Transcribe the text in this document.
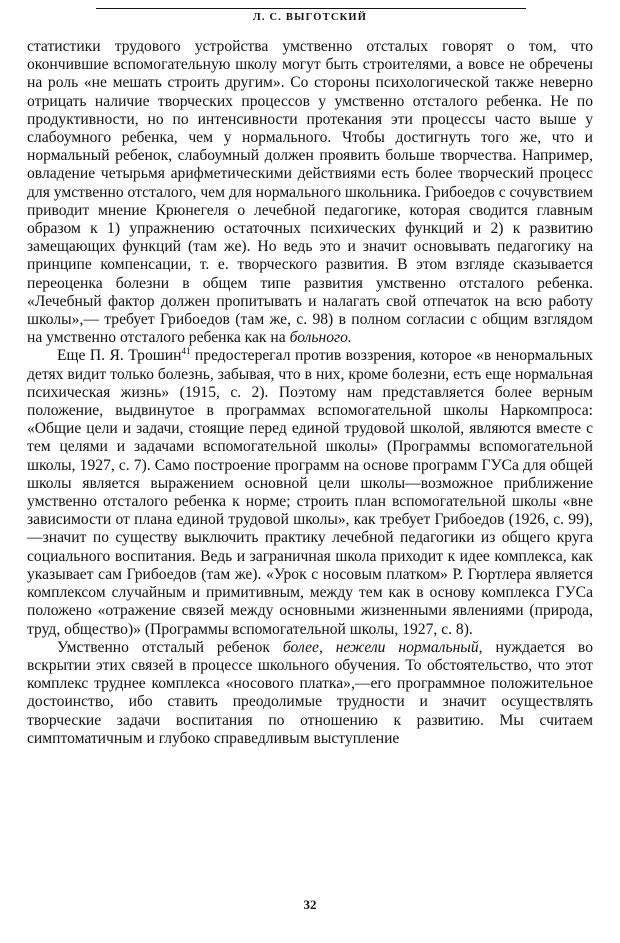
Л. С. ВЫГОТСКИЙ

статистики трудового устройства умственно отсталых говорят о том, что окончившие вспомогательную школу могут быть строителями, а вовсе не обречены на роль «не мешать строить другим». Со стороны психологической также неверно отрицать наличие творческих процессов у умственно отсталого ребенка. Не по продуктивности, но по интенсивности протекания эти процессы часто выше у слабоумного ребенка, чем у нормального. Чтобы достигнуть того же, что и нормальный ребенок, слабоумный должен проявить больше творчества. Например, овладение четырьмя арифметическими действиями есть более творческий процесс для умственно отсталого, чем для нормального школьника. Грибоедов с сочувствием приводит мнение Крюнегеля о лечебной педагогике, которая сводится главным образом к 1) упражнению остаточных психических функций и 2) к развитию замещающих функций (там же). Но ведь это и значит основывать педагогику на принципе компенсации, т. е. творческого развития. В этом взгляде сказывается переоценка болезни в общем типе развития умственно отсталого ребенка. «Лечебный фактор должен пропитывать и налагать свой отпечаток на всю работу школы»,— требует Грибоедов (там же, с. 98) в полном согласии с общим взглядом на умственно отсталого ребенка как на больного.

Еще П. Я. Трошин$^{41}$ предостерегал против воззрения, которое «в ненормальных детях видит только болезнь, забывая, что в них, кроме болезни, есть еще нормальная психическая жизнь» (1915, с. 2). Поэтому нам представляется более верным положение, выдвинутое в программах вспомогательной школы Наркомпроса: «Общие цели и задачи, стоящие перед единой трудовой школой, являются вместе с тем целями и задачами вспомогательной школы» (Программы вспомогательной школы, 1927, с. 7). Само построение программ на основе программ ГУСа для общей школы является выражением основной цели школы—возможное приближение умственно отсталого ребенка к норме; строить план вспомогательной школы «вне зависимости от плана единой трудовой школы», как требует Грибоедов (1926, с. 99),—значит по существу выключить практику лечебной педагогики из общего круга социального воспитания. Ведь и заграничная школа приходит к идее комплекса, как указывает сам Грибоедов (там же). «Урок с носовым платком» Р. Гюртлера является комплексом случайным и примитивным, между тем как в основу комплекса ГУСа положено «отражение связей между основными жизненными явлениями (природа, труд, общество)» (Программы вспомогательной школы, 1927, с. 8).

Умственно отсталый ребенок более, нежели нормальный, нуждается во вскрытии этих связей в процессе школьного обучения. То обстоятельство, что этот комплекс труднее комплекса «носового платка»,—его программное положительное достоинство, ибо ставить преодолимые трудности и значит осуществлять творческие задачи воспитания по отношению к развитию. Мы считаем симптоматичным и глубоко справедливым выступление

32
